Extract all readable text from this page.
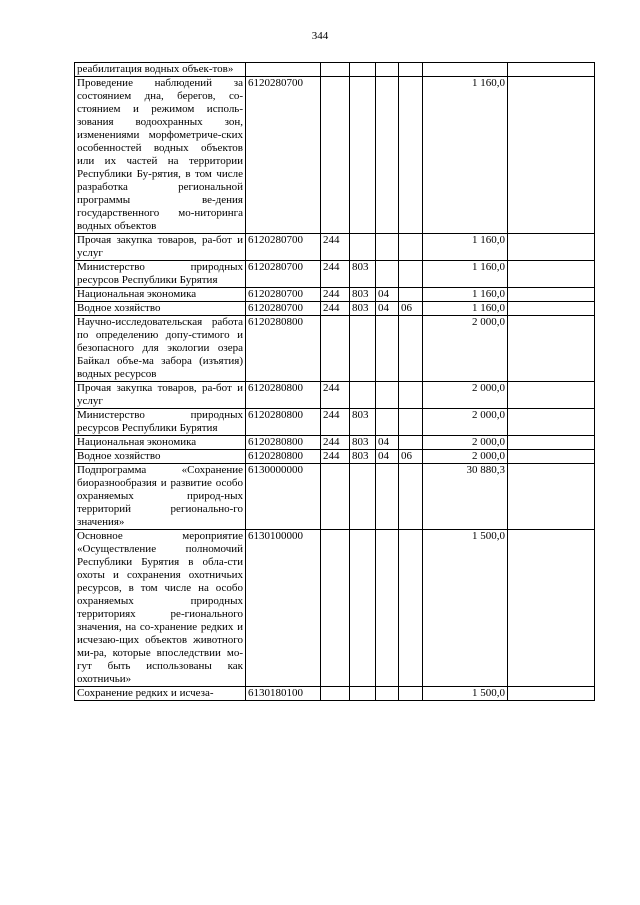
344
реабилитация водных объек-тов»							
Проведение наблюдений за состоянием дна, берегов, со-стоянием и режимом исполь-зования водоохранных зон, изменениями морфометриче-ских особенностей водных объектов или их частей на территории Республики Бу-рятия, в том числе разработка региональной программы ве-дения государственного мо-ниторинга водных объектов	6120280700					1 160,0	
Прочая закупка товаров, ра-бот и услуг	6120280700	244				1 160,0	
Министерство природных ресурсов Республики Бурятия	6120280700	244	803			1 160,0	
Национальная экономика	6120280700	244	803	04		1 160,0	
Водное хозяйство	6120280700	244	803	04	06	1 160,0	
Научно-исследовательская работа по определению допу-стимого и безопасного для экологии озера Байкал объе-ма забора (изъятия) водных ресурсов	6120280800					2 000,0	
Прочая закупка товаров, ра-бот и услуг	6120280800	244				2 000,0	
Министерство природных ресурсов Республики Бурятия	6120280800	244	803			2 000,0	
Национальная экономика	6120280800	244	803	04		2 000,0	
Водное хозяйство	6120280800	244	803	04	06	2 000,0	
Подпрограмма «Сохранение биоразнообразия и развитие особо охраняемых природ-ных территорий регионально-го значения»	6130000000					30 880,3	
Основное мероприятие «Осуществление полномочий Республики Бурятия в обла-сти охоты и сохранения охотничьих ресурсов, в том числе на особо охраняемых природных территориях ре-гионального значения, на со-хранение редких и исчезаю-щих объектов животного ми-ра, которые впоследствии мо-гут быть использованы как охотничьи»	6130100000					1 500,0	
Сохранение редких и исчеза-	6130180100					1 500,0	
